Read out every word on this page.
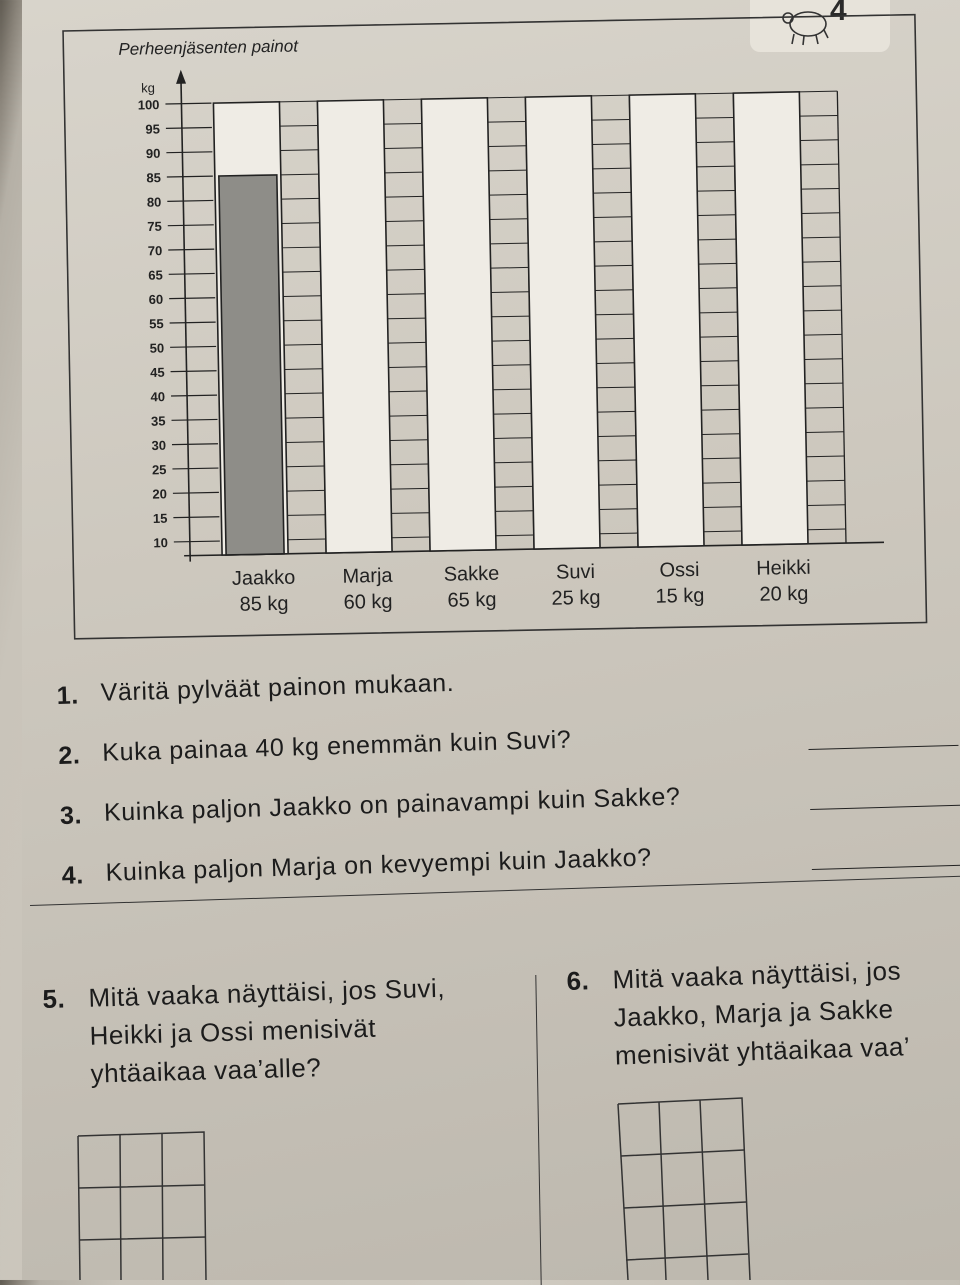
4
Perheenjäsenten painot
kg
100
95
90
85
80
75
70
65
60
55
50
45
40
35
30
25
20
15
10
Jaakko
85 kg
Marja
60 kg
Sakke
65 kg
Suvi
25 kg
Ossi
15 kg
Heikki
20 kg
1. Väritä pylväät painon mukaan.
2. Kuka painaa 40 kg enemmän kuin Suvi?
3. Kuinka paljon Jaakko on painavampi kuin Sakke?
4. Kuinka paljon Marja on kevyempi kuin Jaakko?
5. Mitä vaaka näyttäisi, jos Suvi,
Heikki ja Ossi menisivät
yhtäaikaa vaa’alle?
6. Mitä vaaka näyttäisi, jos
Jaakko, Marja ja Sakke
menisivät yhtäaikaa vaa’
